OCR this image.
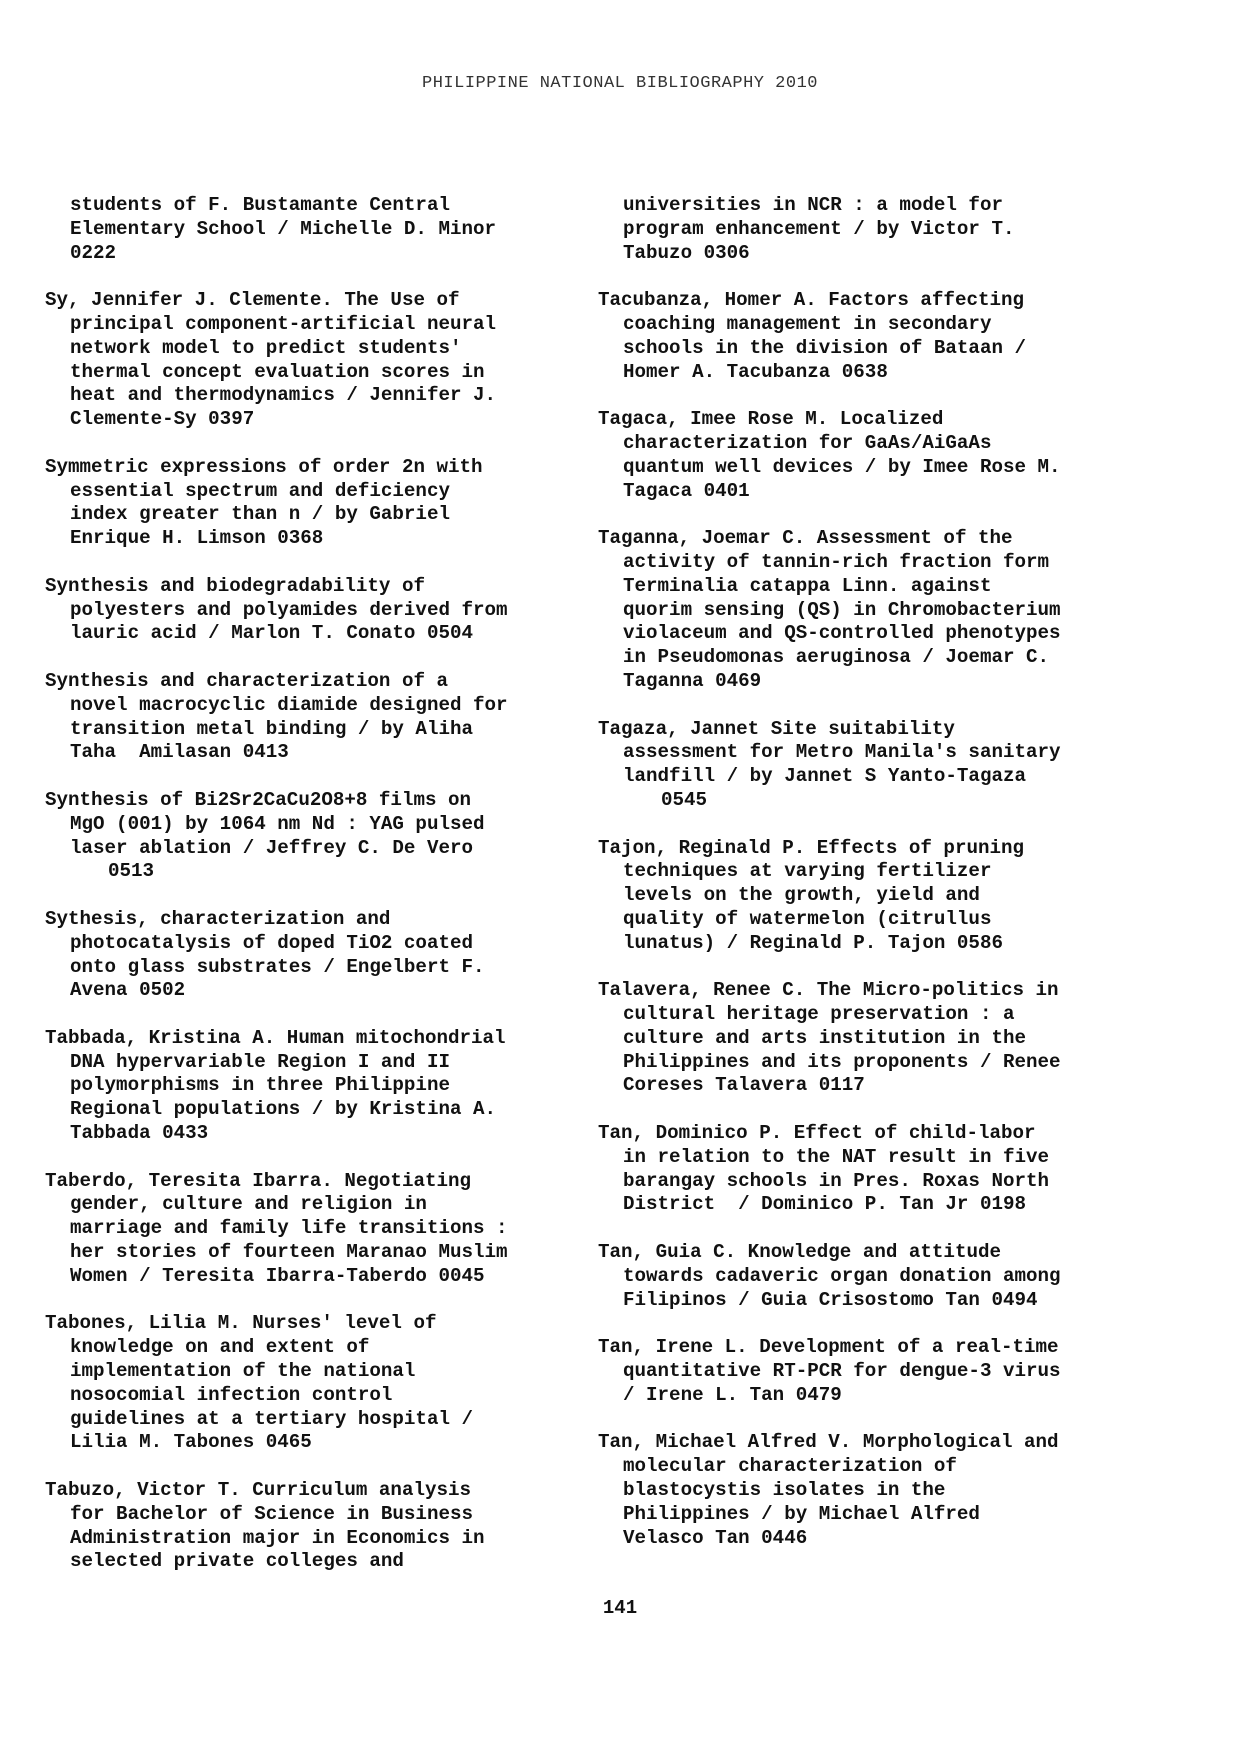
PHILIPPINE NATIONAL BIBLIOGRAPHY 2010
students of F. Bustamante Central
Elementary School / Michelle D. Minor
0222
Sy, Jennifer J. Clemente. The Use of
principal component-artificial neural
network model to predict students'
thermal concept evaluation scores in
heat and thermodynamics / Jennifer J.
Clemente-Sy 0397
Symmetric expressions of order 2n with
essential spectrum and deficiency
index greater than n / by Gabriel
Enrique H. Limson 0368
Synthesis and biodegradability of
polyesters and polyamides derived from
lauric acid / Marlon T. Conato 0504
Synthesis and characterization of a
novel macrocyclic diamide designed for
transition metal binding / by Aliha
Taha  Amilasan 0413
Synthesis of Bi2Sr2CaCu2O8+8 films on
MgO (001) by 1064 nm Nd : YAG pulsed
laser ablation / Jeffrey C. De Vero
0513
Sythesis, characterization and
photocatalysis of doped TiO2 coated
onto glass substrates / Engelbert F.
Avena 0502
Tabbada, Kristina A. Human mitochondrial
DNA hypervariable Region I and II
polymorphisms in three Philippine
Regional populations / by Kristina A.
Tabbada 0433
Taberdo, Teresita Ibarra. Negotiating
gender, culture and religion in
marriage and family life transitions :
her stories of fourteen Maranao Muslim
Women / Teresita Ibarra-Taberdo 0045
Tabones, Lilia M. Nurses' level of
knowledge on and extent of
implementation of the national
nosocomial infection control
guidelines at a tertiary hospital /
Lilia M. Tabones 0465
Tabuzo, Victor T. Curriculum analysis
for Bachelor of Science in Business
Administration major in Economics in
selected private colleges and
universities in NCR : a model for
program enhancement / by Victor T.
Tabuzo 0306
Tacubanza, Homer A. Factors affecting
coaching management in secondary
schools in the division of Bataan /
Homer A. Tacubanza 0638
Tagaca, Imee Rose M. Localized
characterization for GaAs/AiGaAs
quantum well devices / by Imee Rose M.
Tagaca 0401
Taganna, Joemar C. Assessment of the
activity of tannin-rich fraction form
Terminalia catappa Linn. against
quorim sensing (QS) in Chromobacterium
violaceum and QS-controlled phenotypes
in Pseudomonas aeruginosa / Joemar C.
Taganna 0469
Tagaza, Jannet Site suitability
assessment for Metro Manila's sanitary
landfill / by Jannet S Yanto-Tagaza
0545
Tajon, Reginald P. Effects of pruning
techniques at varying fertilizer
levels on the growth, yield and
quality of watermelon (citrullus
lunatus) / Reginald P. Tajon 0586
Talavera, Renee C. The Micro-politics in
cultural heritage preservation : a
culture and arts institution in the
Philippines and its proponents / Renee
Coreses Talavera 0117
Tan, Dominico P. Effect of child-labor
in relation to the NAT result in five
barangay schools in Pres. Roxas North
District  / Dominico P. Tan Jr 0198
Tan, Guia C. Knowledge and attitude
towards cadaveric organ donation among
Filipinos / Guia Crisostomo Tan 0494
Tan, Irene L. Development of a real-time
quantitative RT-PCR for dengue-3 virus
/ Irene L. Tan 0479
Tan, Michael Alfred V. Morphological and
molecular characterization of
blastocystis isolates in the
Philippines / by Michael Alfred
Velasco Tan 0446
141
